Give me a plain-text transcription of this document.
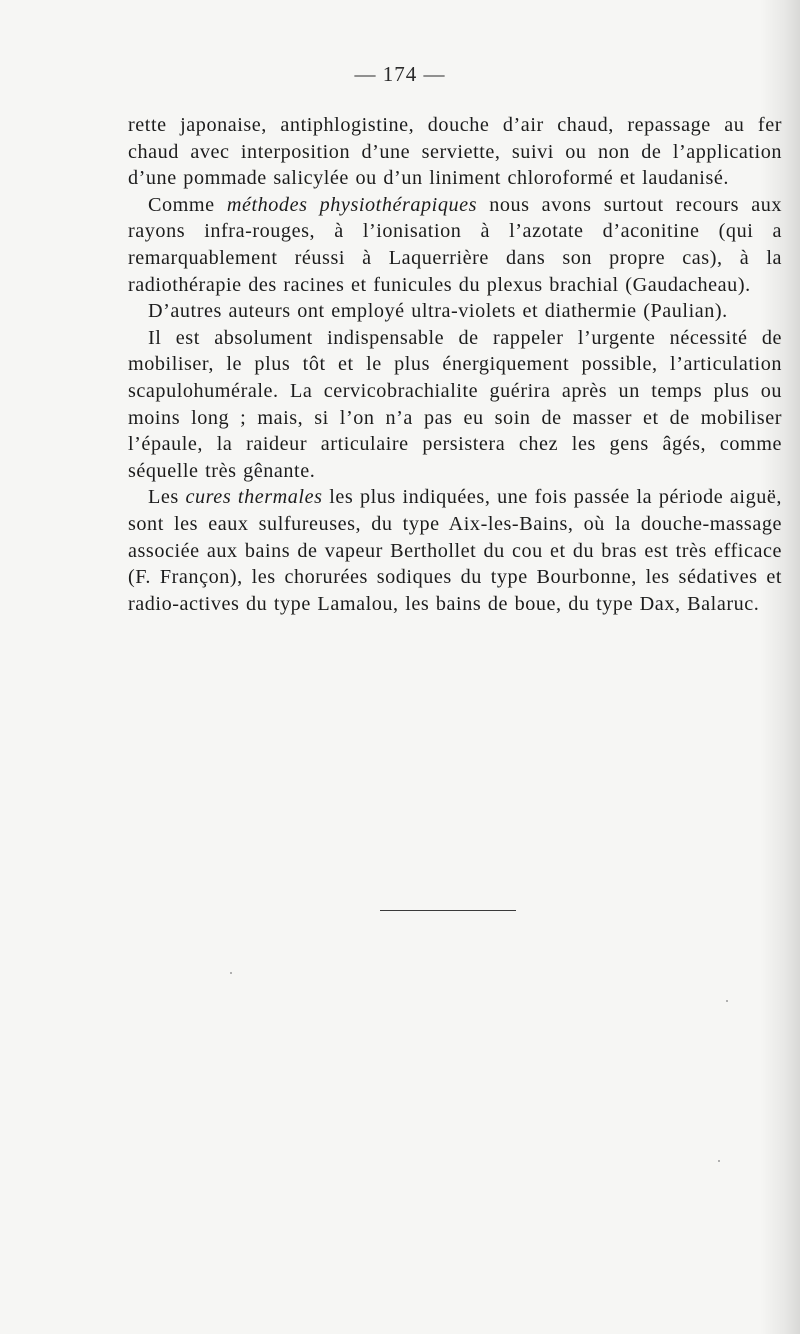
— 174 —

rette japonaise, antiphlogistine, douche d’air chaud, repassage au fer chaud avec interposition d’une serviette, suivi ou non de l’application d’une pommade salicylée ou d’un liniment chloroformé et laudanisé.

Comme méthodes physiothérapiques nous avons surtout recours aux rayons infra-rouges, à l’ionisation à l’azotate d’aconitine (qui a remarquablement réussi à Laquerrière dans son propre cas), à la radiothérapie des racines et funicules du plexus brachial (Gaudacheau).

D’autres auteurs ont employé ultra-violets et diathermie (Paulian).

Il est absolument indispensable de rappeler l’urgente nécessité de mobiliser, le plus tôt et le plus énergiquement possible, l’articulation scapulohumérale. La cervicobrachialite guérira après un temps plus ou moins long ; mais, si l’on n’a pas eu soin de masser et de mobiliser l’épaule, la raideur articulaire persistera chez les gens âgés, comme séquelle très gênante.

Les cures thermales les plus indiquées, une fois passée la période aiguë, sont les eaux sulfureuses, du type Aix-les-Bains, où la douche-massage associée aux bains de vapeur Berthollet du cou et du bras est très efficace (F. Françon), les chorurées sodiques du type Bourbonne, les sédatives et radio-actives du type Lamalou, les bains de boue, du type Dax, Balaruc.
